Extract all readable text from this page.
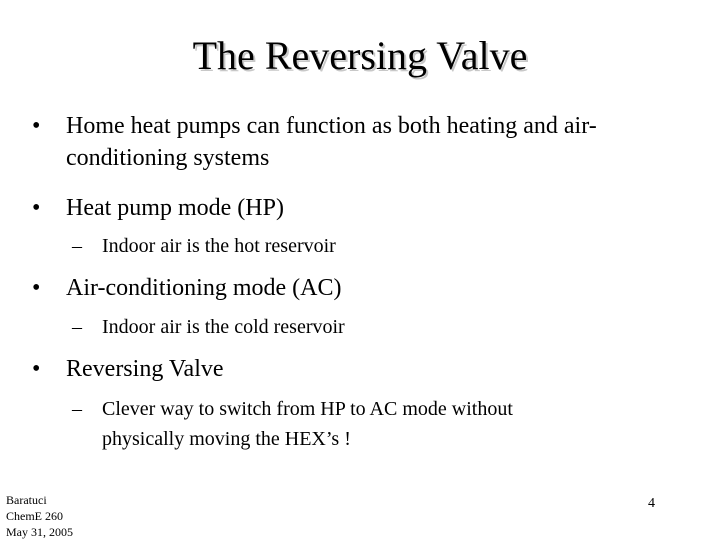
The Reversing Valve
•	Home heat pumps can function as both heating and air-
conditioning systems
•	Heat pump mode (HP)
–	Indoor air is the hot reservoir
•	Air-conditioning mode (AC)
–	Indoor air is the cold reservoir
•	Reversing Valve
–	Clever way to switch from HP to AC mode without
physically moving the HEX’s !
Baratuci
ChemE 260
May 31, 2005
4
